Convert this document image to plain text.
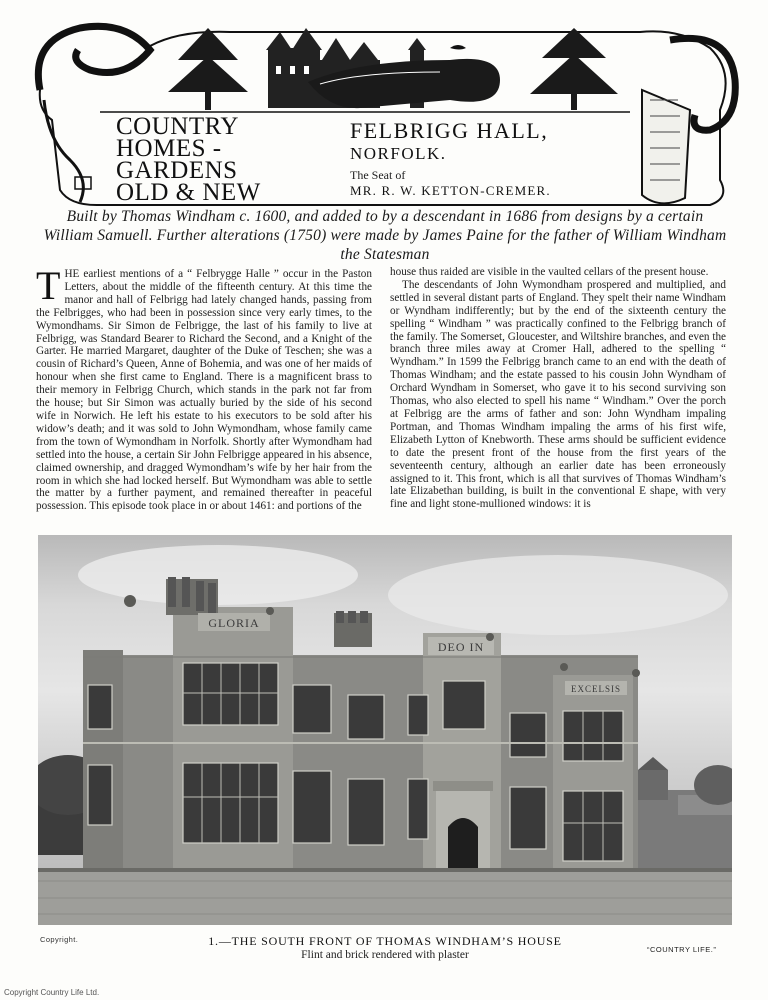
COUNTRY
HOMES -
GARDENS
OLD & NEW
FELBRIGG HALL,
NORFOLK.
The Seat of
MR. R. W. KETTON-CREMER.
Built by Thomas Windham c. 1600, and added to by a descendant in 1686 from designs by a certain William Samuell. Further alterations (1750) were made by James Paine for the father of William Windham the Statesman

T HE earliest mentions of a “ Felbrygge Halle ” occur in the Paston Letters, about the middle of the fifteenth century. At this time the manor and hall of Felbrigg had lately changed hands, passing from the Felbrigges, who had been in possession since very early times, to the Wymondhams. Sir Simon de Felbrigge, the last of his family to live at Felbrigg, was Standard Bearer to Richard the Second, and a Knight of the Garter. He married Margaret, daughter of the Duke of Teschen; she was a cousin of Richard’s Queen, Anne of Bohemia, and was one of her maids of honour when she first came to England. There is a magnificent brass to their memory in Felbrigg Church, which stands in the park not far from the house; but Sir Simon was actually buried by the side of his second wife in Norwich. He left his estate to his executors to be sold after his widow’s death; and it was sold to John Wymondham, whose family came from the town of Wymondham in Norfolk. Shortly after Wymondham had settled into the house, a certain Sir John Felbrigge appeared in his absence, claimed ownership, and dragged Wymondham’s wife by her hair from the room in which she had locked herself. But Wymondham was able to settle the matter by a further payment, and remained thereafter in peaceful possession. This episode took place in or about 1461: and portions of the

house thus raided are visible in the vaulted cellars of the present house.

The descendants of John Wymondham prospered and multiplied, and settled in several distant parts of England. They spelt their name Windham or Wyndham indifferently; but by the end of the sixteenth century the spelling “ Windham ” was practically confined to the Felbrigg branch of the family. The Somerset, Gloucester, and Wiltshire branches, and even the branch three miles away at Cromer Hall, adhered to the spelling “ Wyndham.” In 1599 the Felbrigg branch came to an end with the death of Thomas Windham; and the estate passed to his cousin John Wyndham of Orchard Wyndham in Somerset, who gave it to his second surviving son Thomas, who also elected to spell his name “ Windham.” Over the porch at Felbrigg are the arms of father and son: John Wyndham impaling Portman, and Thomas Windham impaling the arms of his first wife, Elizabeth Lytton of Knebworth. These arms should be sufficient evidence to date the present front of the house from the first years of the seventeenth century, although an earlier date has been erroneously assigned to it. This front, which is all that survives of Thomas Windham’s late Elizabethan building, is built in the conventional E shape, with very fine and light stone-mullioned windows: it is

GLORIA
DEO IN
EXCELSIS
Copyright.	1.—THE SOUTH FRONT OF THOMAS WINDHAM’S HOUSE
Flint and brick rendered with plaster	“COUNTRY LIFE.”
Copyright Country Life Ltd.
